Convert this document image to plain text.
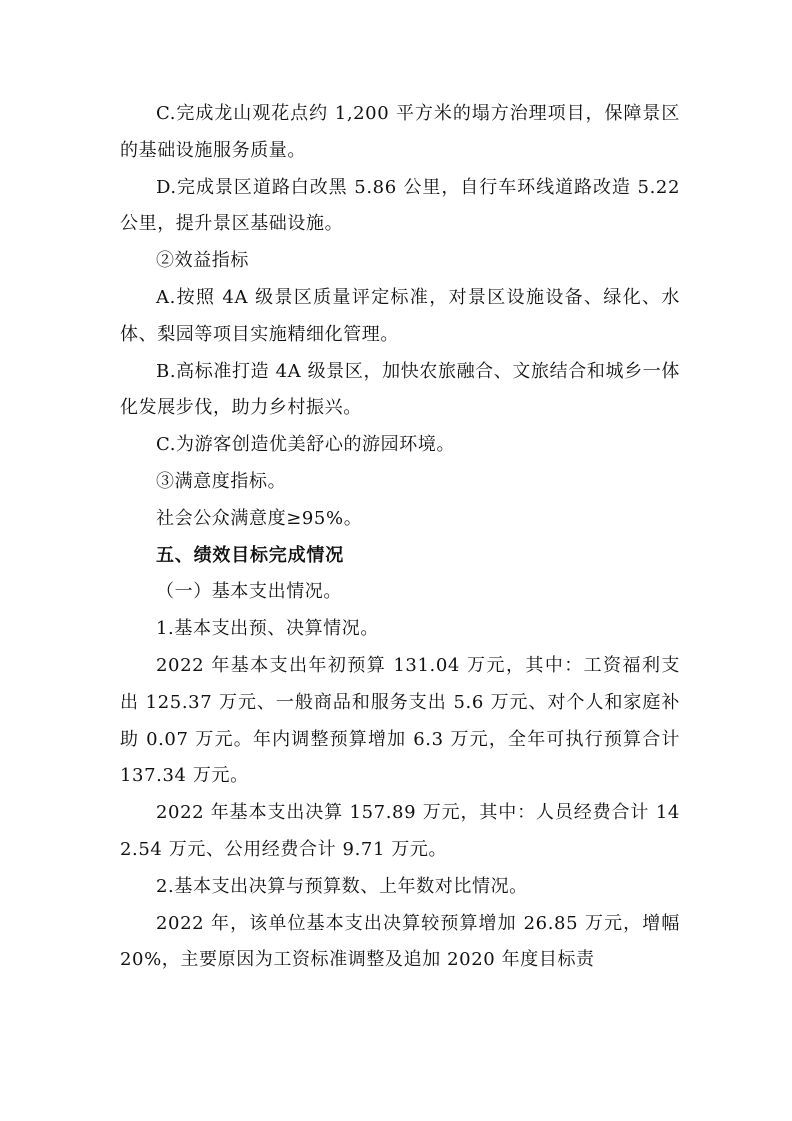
C.完成龙山观花点约 1,200 平方米的塌方治理项目，保障景区的基础设施服务质量。

D.完成景区道路白改黑 5.86 公里，自行车环线道路改造 5.22 公里，提升景区基础设施。

②效益指标

A.按照 4A 级景区质量评定标准，对景区设施设备、绿化、水体、梨园等项目实施精细化管理。

B.高标准打造 4A 级景区，加快农旅融合、文旅结合和城乡一体化发展步伐，助力乡村振兴。

C.为游客创造优美舒心的游园环境。

③满意度指标。

社会公众满意度≥95%。

五、绩效目标完成情况

（一）基本支出情况。

1.基本支出预、决算情况。

2022 年基本支出年初预算 131.04 万元，其中：工资福利支出 125.37 万元、一般商品和服务支出 5.6 万元、对个人和家庭补助 0.07 万元。年内调整预算增加 6.3 万元，全年可执行预算合计 137.34 万元。

2022 年基本支出决算 157.89 万元，其中：人员经费合计 142.54 万元、公用经费合计 9.71 万元。

2.基本支出决算与预算数、上年数对比情况。

2022 年，该单位基本支出决算较预算增加 26.85 万元，增幅 20%，主要原因为工资标准调整及追加 2020 年度目标责
